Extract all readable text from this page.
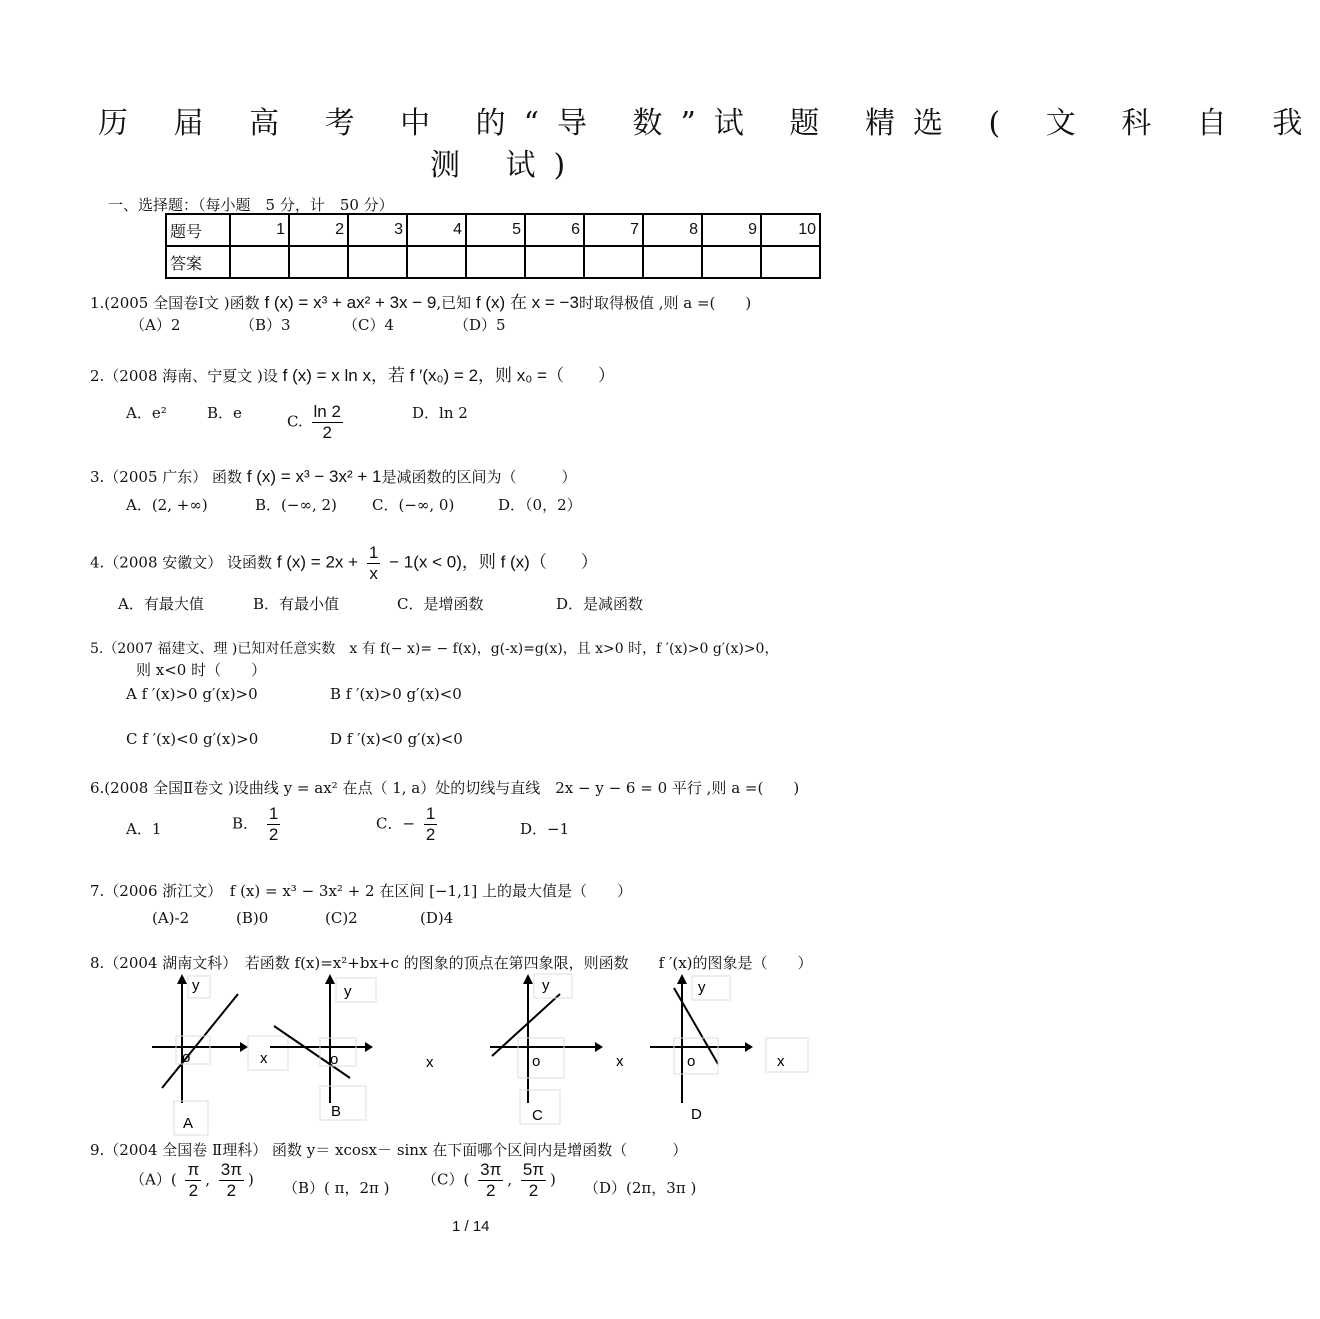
历 届 高 考 中 的“导 数”试 题 精选 ( 文 科 自 我
测 试)
一、选择题：（每小题　5 分，计　50 分）
题号	1	2	3	4	5	6	7	8	9	10
答案										
1.(2005 全国卷Ⅰ文 )函数 f (x) = x³ + ax² + 3x − 9,已知 f (x) 在 x = −3时取得极值 ,则 a =(　　)
（A）2	（B）3	（C）4	（D）5
2.（2008 海南、宁夏文 )设 f (x) = x ln x，若 f ′(x₀) = 2，则 x₀ =（　　）
A．e²	B．e	C. $\frac{\ln 2}{2}$	D．ln 2
3.（2005 广东） 函数 f (x) = x³ − 3x² + 1是减函数的区间为（　　　）
A．(2, +∞)	B．(−∞, 2) C．(−∞, 0)	D．（0，2）
4.（2008 安徽文） 设函数 f $(x) = 2x + \frac{1}{x} - 1(x < 0)$，则 f (x)（　　）
A．有最大值	B．有最小值	C．是增函数	D．是减函数
5.（2007 福建文、理 )已知对任意实数　x 有 f(− x)= − f(x)，g(-x)=g(x)，且 x>0 时，f ′(x)>0 g′(x)>0，
则 x<0 时（　　）
A f ′(x)>0 g′(x)>0	B f ′(x)>0 g′(x)<0
C f ′(x)<0 g′(x)>0	D f ′(x)<0 g′(x)<0
6.(2008 全国Ⅱ卷文 )设曲线 y = ax² 在点（ 1, a）处的切线与直线　2x − y − 6 = 0 平行 ,则 a =(　　)
A．1	B． $\frac{1}{2}$	C．− $\frac{1}{2}$	D．−1
7.（2006 浙江文）　f (x) = x³ − 3x² + 2 在区间 [−1,1] 上的最大值是（　　）
(A)-2	(B)0	(C)2	(D)4
8.（2004 湖南文科）　若函数 f(x)=x²+bx+c 的图象的顶点在第四象限，则函数　　f ′(x)的图象是（　　）
y
o	x
A
y
o	x
B
y
o	x
C
y
o	x
D
9.（2004 全国卷 Ⅱ理科） 函数 y＝ xcosx－ sinx 在下面哪个区间内是增函数（　　　）
$(A)( \frac{\pi}{2}$ , $\frac{3\pi}{2}$ ) （B）( π，2π ) $(C)( \frac{3\pi}{2}$ , $\frac{5\pi}{2}$ ) （D）(2π，3π )
1 / 14
